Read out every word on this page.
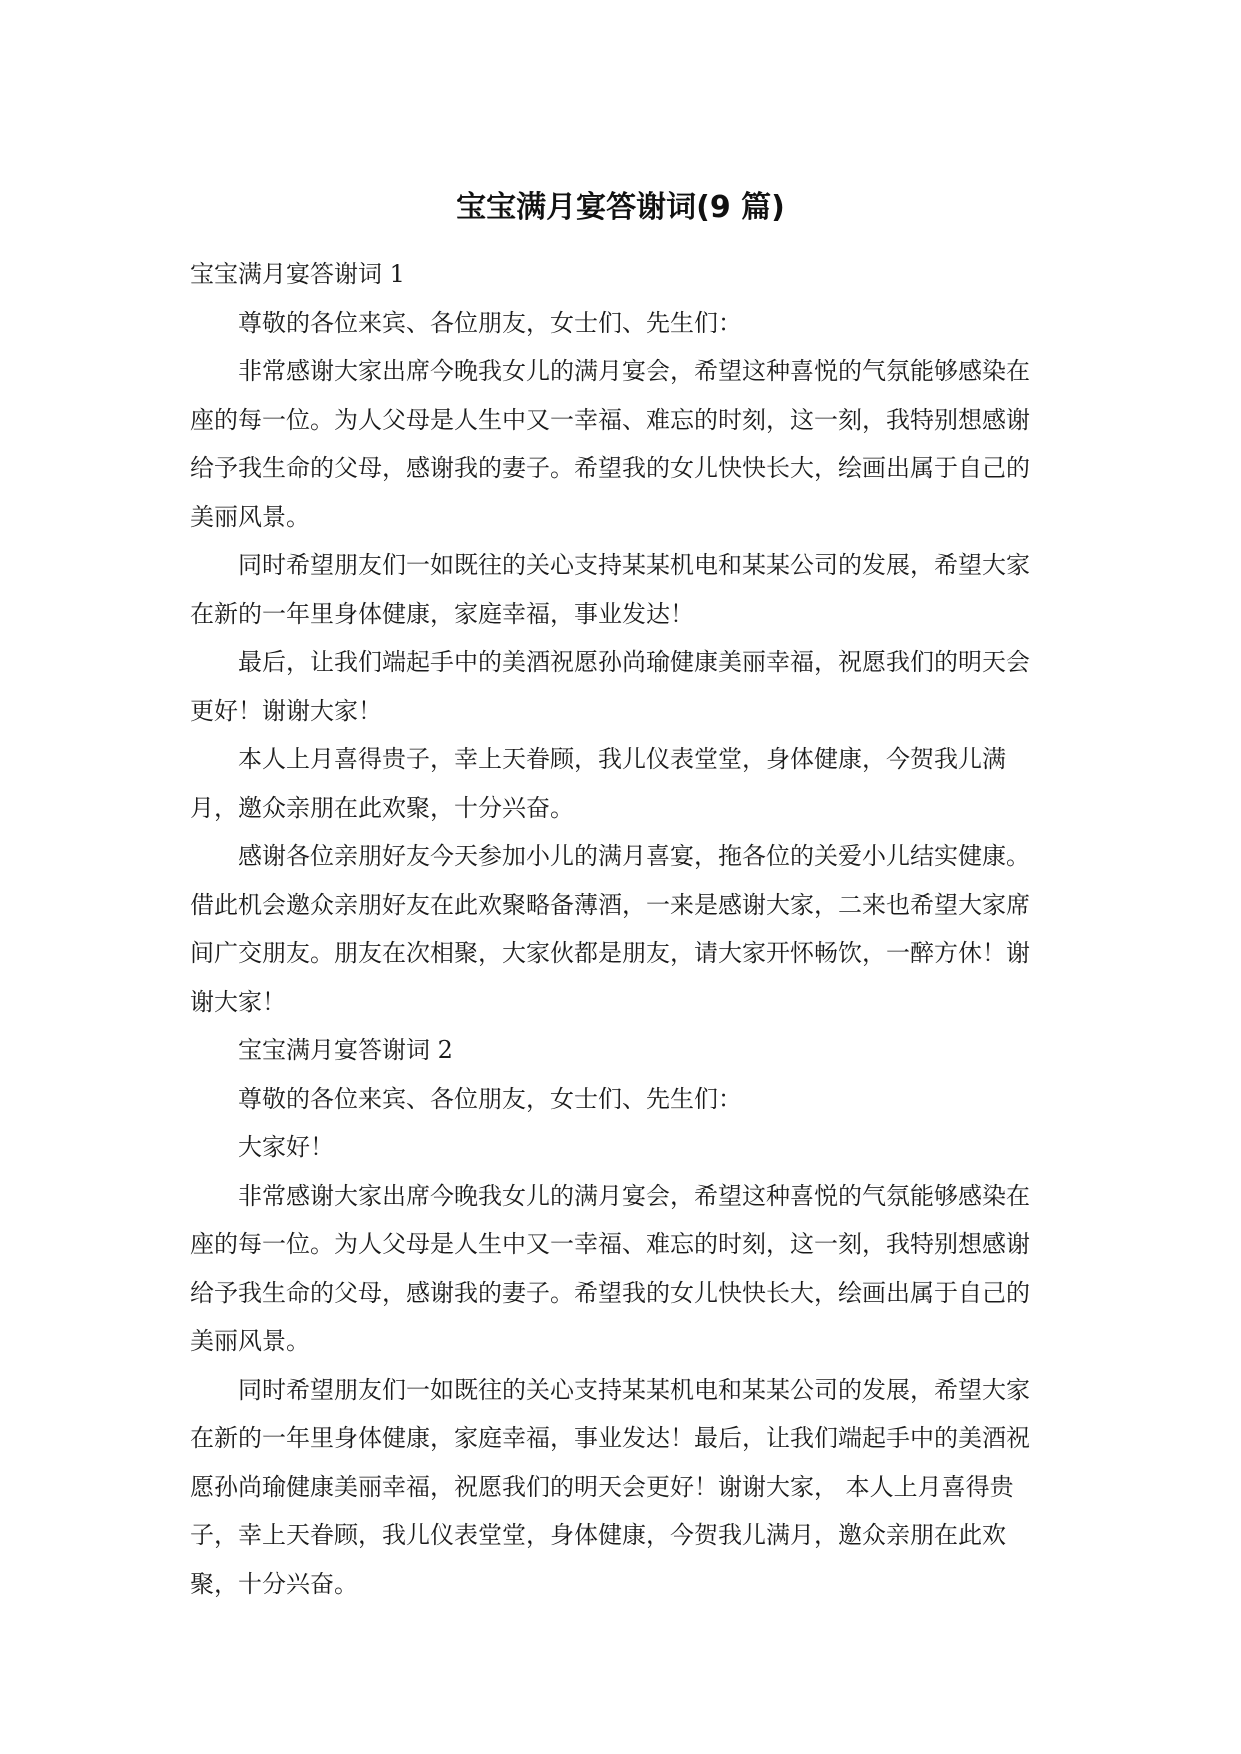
宝宝满月宴答谢词(9 篇)

宝宝满月宴答谢词 1

尊敬的各位来宾、各位朋友，女士们、先生们：

非常感谢大家出席今晚我女儿的满月宴会，希望这种喜悦的气氛能够感染在座的每一位。为人父母是人生中又一幸福、难忘的时刻，这一刻，我特别想感谢给予我生命的父母，感谢我的妻子。希望我的女儿快快长大，绘画出属于自己的美丽风景。

同时希望朋友们一如既往的关心支持某某机电和某某公司的发展，希望大家在新的一年里身体健康，家庭幸福，事业发达！

最后，让我们端起手中的美酒祝愿孙尚瑜健康美丽幸福，祝愿我们的明天会更好！谢谢大家！

本人上月喜得贵子，幸上天眷顾，我儿仪表堂堂，身体健康，今贺我儿满月，邀众亲朋在此欢聚，十分兴奋。

感谢各位亲朋好友今天参加小儿的满月喜宴，拖各位的关爱小儿结实健康。借此机会邀众亲朋好友在此欢聚略备薄酒，一来是感谢大家，二来也希望大家席间广交朋友。朋友在次相聚，大家伙都是朋友，请大家开怀畅饮，一醉方休！谢谢大家！

宝宝满月宴答谢词 2

尊敬的各位来宾、各位朋友，女士们、先生们：

大家好！

非常感谢大家出席今晚我女儿的满月宴会，希望这种喜悦的气氛能够感染在座的每一位。为人父母是人生中又一幸福、难忘的时刻，这一刻，我特别想感谢给予我生命的父母，感谢我的妻子。希望我的女儿快快长大，绘画出属于自己的美丽风景。

同时希望朋友们一如既往的关心支持某某机电和某某公司的发展，希望大家在新的一年里身体健康，家庭幸福，事业发达！最后，让我们端起手中的美酒祝愿孙尚瑜健康美丽幸福，祝愿我们的明天会更好！谢谢大家， 本人上月喜得贵子，幸上天眷顾，我儿仪表堂堂，身体健康，今贺我儿满月，邀众亲朋在此欢聚，十分兴奋。
